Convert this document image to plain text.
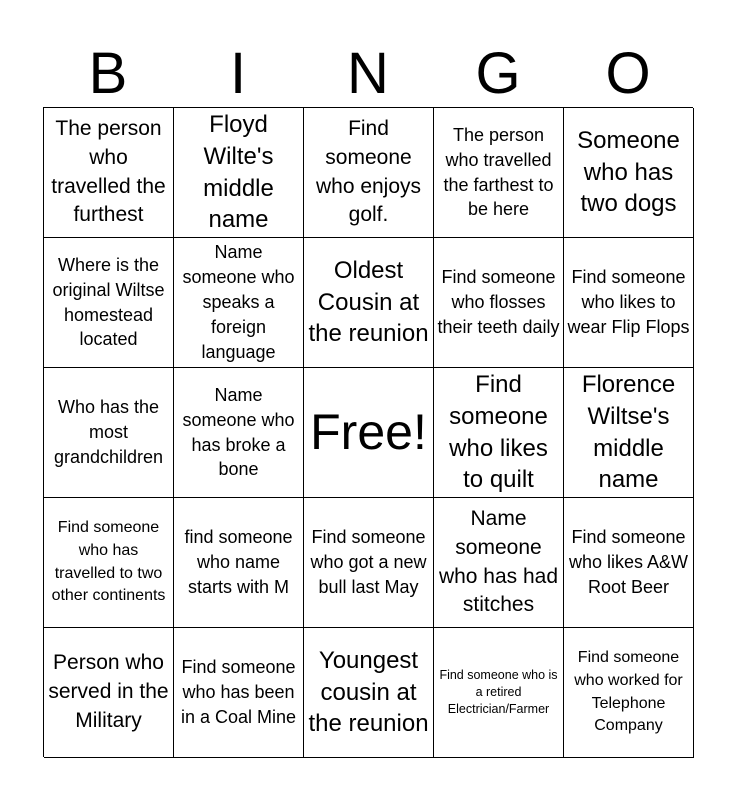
B	I	N	G	O
The person who travelled the furthest
Floyd Wilte's middle name
Find someone who enjoys golf.
The person who travelled the farthest to be here
Someone who has two dogs
Where is the original Wiltse homestead located
Name someone who speaks a foreign language
Oldest Cousin at the reunion
Find someone who flosses their teeth daily
Find someone who likes to wear Flip Flops
Who has the most grandchildren
Name someone who has broke a bone
Free!
Find someone who likes to quilt
Florence Wiltse's middle name
Find someone who has travelled to two other continents
find someone who name starts with M
Find someone who got a new bull last May
Name someone who has had stitches
Find someone who likes A&W Root Beer
Person who served in the Military
Find someone who has been in a Coal Mine
Youngest cousin at the reunion
Find someone who is a retired Electrician/Farmer
Find someone who worked for Telephone Company
